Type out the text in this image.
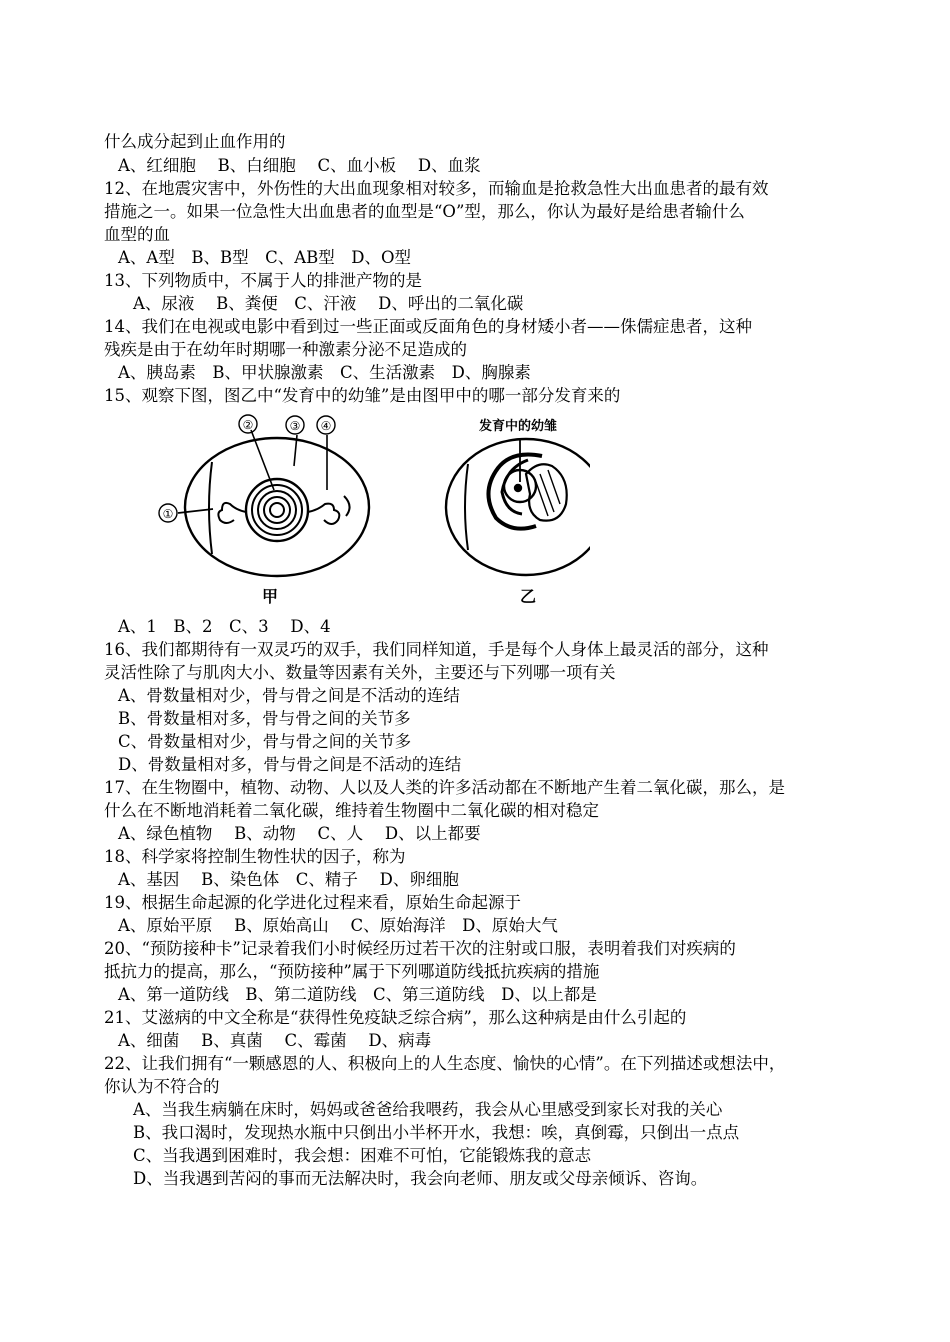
什么成分起到止血作用的
A、红细胞　 B、白细胞　 C、血小板　 D、血浆
12、在地震灾害中，外伤性的大出血现象相对较多，而输血是抢救急性大出血患者的最有效
措施之一。如果一位急性大出血患者的血型是“O”型，那么，你认为最好是给患者输什么
血型的血
A、A型　B、B型　C、AB型　D、O型
13、下列物质中，不属于人的排泄产物的是
A、尿液　 B、粪便　C、汗液　 D、呼出的二氧化碳
14、我们在电视或电影中看到过一些正面或反面角色的身材矮小者——侏儒症患者，这种
残疾是由于在幼年时期哪一种激素分泌不足造成的
A、胰岛素　B、甲状腺激素　C、生活激素　D、胸腺素
15、观察下图，图乙中“发育中的幼雏”是由图甲中的哪一部分发育来的
①
②	③ ④
甲
发育中的幼雏
乙
A、1　B、2　C、3　 D、4
16、我们都期待有一双灵巧的双手，我们同样知道，手是每个人身体上最灵活的部分，这种
灵活性除了与肌肉大小、数量等因素有关外，主要还与下列哪一项有关
A、骨数量相对少，骨与骨之间是不活动的连结
B、骨数量相对多，骨与骨之间的关节多
C、骨数量相对少，骨与骨之间的关节多
D、骨数量相对多，骨与骨之间是不活动的连结
17、在生物圈中，植物、动物、人以及人类的许多活动都在不断地产生着二氧化碳，那么，是
什么在不断地消耗着二氧化碳，维持着生物圈中二氧化碳的相对稳定
A、绿色植物　 B、动物　 C、人　 D、以上都要
18、科学家将控制生物性状的因子，称为
A、基因　 B、染色体　C、精子　 D、卵细胞
19、根据生命起源的化学进化过程来看，原始生命起源于
A、原始平原　 B、原始高山　 C、原始海洋　D、原始大气
20、“预防接种卡”记录着我们小时候经历过若干次的注射或口服，表明着我们对疾病的
抵抗力的提高，那么，“预防接种”属于下列哪道防线抵抗疾病的措施
A、第一道防线　B、第二道防线　C、第三道防线　D、以上都是
21、艾滋病的中文全称是“获得性免疫缺乏综合病”，那么这种病是由什么引起的
A、细菌　 B、真菌　 C、霉菌　 D、病毒
22、让我们拥有“一颗感恩的人、积极向上的人生态度、愉快的心情”。在下列描述或想法中，
你认为不符合的
A、当我生病躺在床时，妈妈或爸爸给我喂药，我会从心里感受到家长对我的关心
B、我口渴时，发现热水瓶中只倒出小半杯开水，我想：唉，真倒霉，只倒出一点点
C、当我遇到困难时，我会想：困难不可怕，它能锻炼我的意志
D、当我遇到苦闷的事而无法解决时，我会向老师、朋友或父母亲倾诉、咨询。
